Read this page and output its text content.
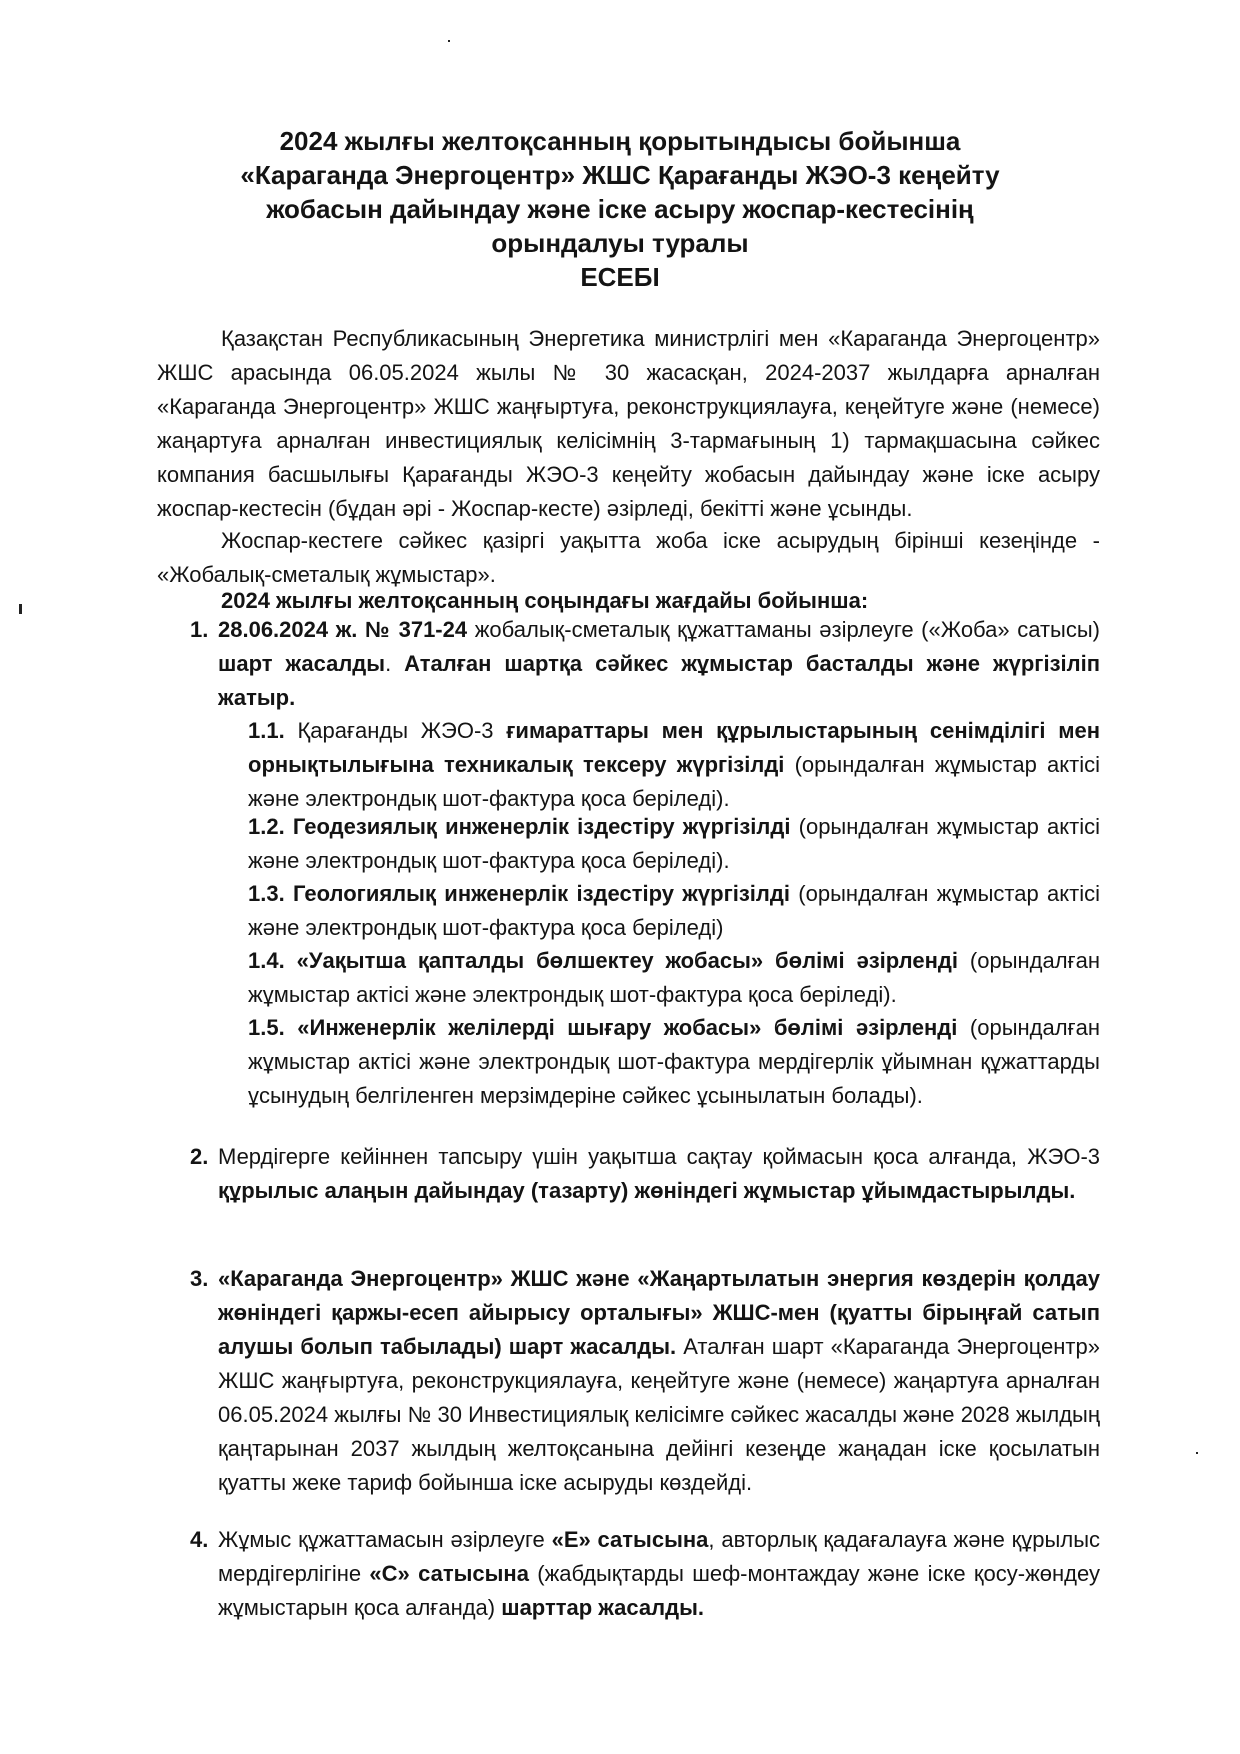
2024 жылғы желтоқсанның қорытындысы бойынша
«Караганда Энергоцентр» ЖШС Қарағанды ЖЭО-3 кеңейту
жобасын дайындау және іске асыру жоспар-кестесінің
орындалуы туралы
ЕСЕБІ
Қазақстан Республикасының Энергетика министрлігі мен «Караганда Энергоцентр» ЖШС арасында 06.05.2024 жылы № 30 жасасқан, 2024-2037 жылдарға арналған «Караганда Энергоцентр» ЖШС жаңғыртуға, реконструкциялауға, кеңейтуге және (немесе) жаңартуға арналған инвестициялық келісімнің 3-тармағының 1) тармақшасына сәйкес компания басшылығы Қарағанды ЖЭО-3 кеңейту жобасын дайындау және іске асыру жоспар-кестесін (бұдан әрі - Жоспар-кесте) әзірледі, бекітті және ұсынды.
Жоспар-кестеге сәйкес қазіргі уақытта жоба іске асырудың бірінші кезеңінде - «Жобалық-сметалық жұмыстар».
2024 жылғы желтоқсанның соңындағы жағдайы бойынша:
1. 28.06.2024 ж. № 371-24 жобалық-сметалық құжаттаманы әзірлеуге («Жоба» сатысы) шарт жасалды. Аталған шартқа сәйкес жұмыстар басталды және жүргізіліп жатыр.
1.1. Қарағанды ЖЭО-3 ғимараттары мен құрылыстарының сенімділігі мен орнықтылығына техникалық тексеру жүргізілді (орындалған жұмыстар актісі және электрондық шот-фактура қоса беріледі).
1.2. Геодезиялық инженерлік іздестіру жүргізілді (орындалған жұмыстар актісі және электрондық шот-фактура қоса беріледі).
1.3. Геологиялық инженерлік іздестіру жүргізілді (орындалған жұмыстар актісі және электрондық шот-фактура қоса беріледі)
1.4. «Уақытша қапталды бөлшектеу жобасы» бөлімі әзірленді (орындалған жұмыстар актісі және электрондық шот-фактура қоса беріледі).
1.5. «Инженерлік желілерді шығару жобасы» бөлімі әзірленді (орындалған жұмыстар актісі және электрондық шот-фактура мердігерлік ұйымнан құжаттарды ұсынудың белгіленген мерзімдеріне сәйкес ұсынылатын болады).
2. Мердігерге кейіннен тапсыру үшін уақытша сақтау қоймасын қоса алғанда, ЖЭО-3 құрылыс алаңын дайындау (тазарту) жөніндегі жұмыстар ұйымдастырылды.
3. «Караганда Энергоцентр» ЖШС және «Жаңартылатын энергия көздерін қолдау жөніндегі қаржы-есеп айырысу орталығы» ЖШС-мен (қуатты бірыңғай сатып алушы болып табылады) шарт жасалды. Аталған шарт «Караганда Энергоцентр» ЖШС жаңғыртуға, реконструкциялауға, кеңейтуге және (немесе) жаңартуға арналған 06.05.2024 жылғы № 30 Инвестициялық келісімге сәйкес жасалды және 2028 жылдың қаңтарынан 2037 жылдың желтоқсанына дейінгі кезеңде жаңадан іске қосылатын қуатты жеке тариф бойынша іске асыруды көздейді.
4. Жұмыс құжаттамасын әзірлеуге «Е» сатысына, авторлық қадағалауға және құрылыс мердігерлігіне «С» сатысына (жабдықтарды шеф-монтаждау және іске қосу-жөндеу жұмыстарын қоса алғанда) шарттар жасалды.
